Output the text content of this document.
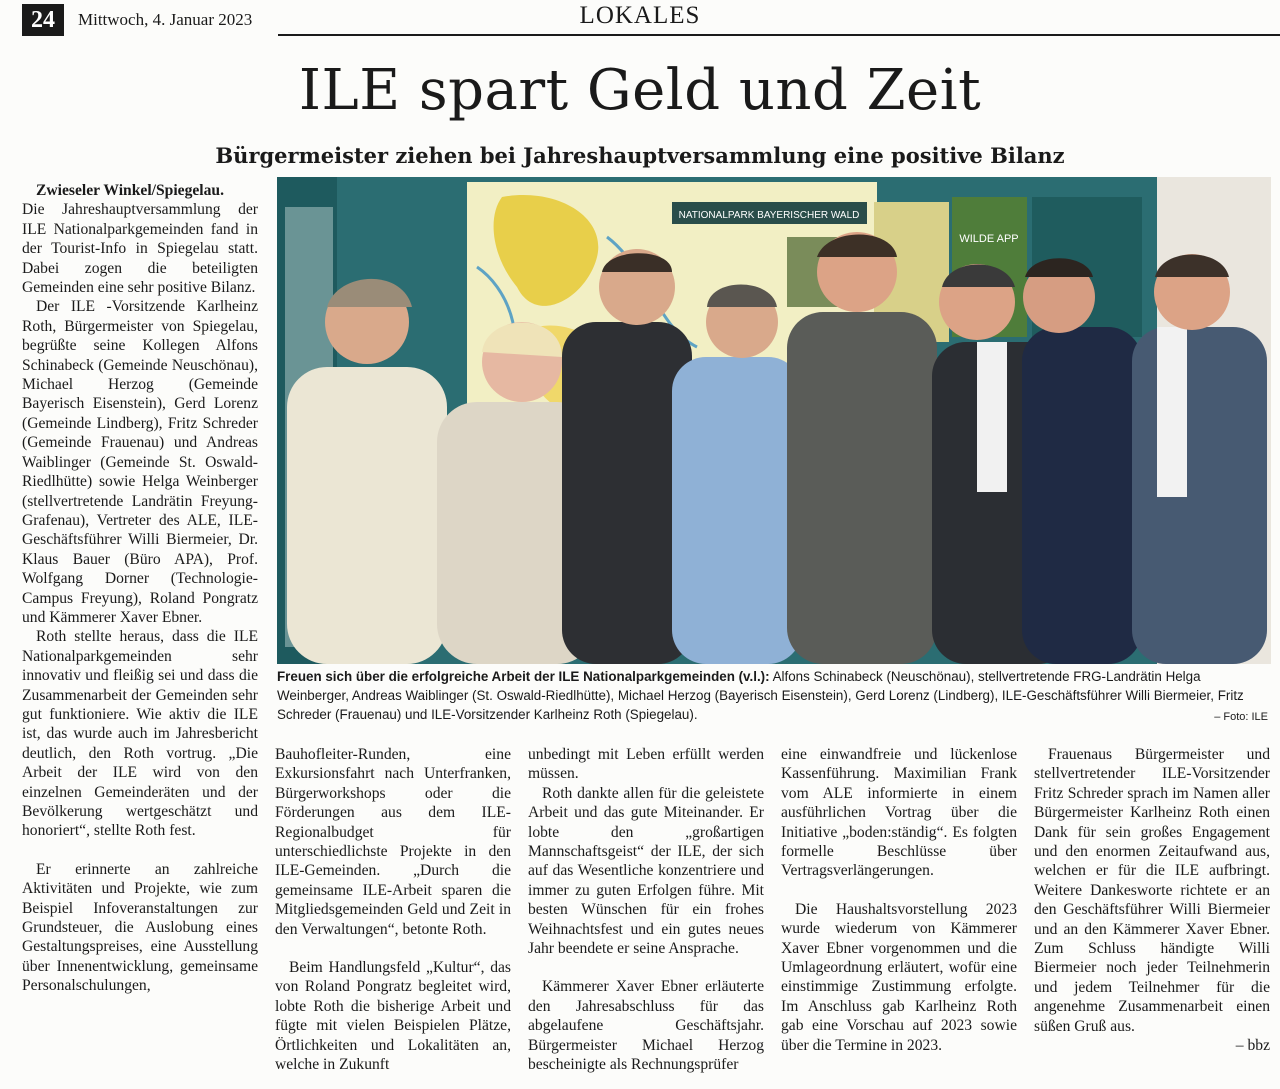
24	Mittwoch, 4. Januar 2023	LOKALES
ILE spart Geld und Zeit
Bürgermeister ziehen bei Jahreshauptversammlung eine positive Bilanz

Zwieseler Winkel/Spiegelau.
Die Jahreshauptversammlung der ILE Nationalparkgemeinden fand in der Tourist-Info in Spiegelau statt. Dabei zogen die beteiligten Gemeinden eine sehr positive Bilanz.

Der ILE -Vorsitzende Karlheinz Roth, Bürgermeister von Spiegelau, begrüßte seine Kollegen Alfons Schinabeck (Gemeinde Neuschönau), Michael Herzog (Gemeinde Bayerisch Eisenstein), Gerd Lorenz (Gemeinde Lindberg), Fritz Schreder (Gemeinde Frauenau) und Andreas Waiblinger (Gemeinde St. Oswald-Riedlhütte) sowie Helga Weinberger (stellvertretende Landrätin Freyung-Grafenau), Vertreter des ALE, ILE-Geschäftsführer Willi Biermeier, Dr. Klaus Bauer (Büro APA), Prof. Wolfgang Dorner (Technologie-Campus Freyung), Roland Pongratz und Kämmerer Xaver Ebner.

Roth stellte heraus, dass die ILE Nationalparkgemeinden sehr innovativ und fleißig sei und dass die Zusammenarbeit der Gemeinden sehr gut funktioniere. Wie aktiv die ILE ist, das wurde auch im Jahresbericht deutlich, den Roth vortrug. „Die Arbeit der ILE wird von den einzelnen Gemeinderäten und der Bevölkerung wertgeschätzt und honoriert“, stellte Roth fest.

Er erinnerte an zahlreiche Aktivitäten und Projekte, wie zum Beispiel Infoveranstaltungen zur Grundsteuer, die Auslobung eines Gestaltungspreises, eine Ausstellung über Innenentwicklung, gemeinsame Personalschulungen,

NATIONALPARK BAYERISCHER WALD
WILDE APP
Freuen sich über die erfolgreiche Arbeit der ILE Nationalparkgemeinden (v.l.): Alfons Schinabeck (Neuschönau), stellvertretende FRG-Landrätin Helga Weinberger, Andreas Waiblinger (St. Oswald-Riedlhütte), Michael Herzog (Bayerisch Eisenstein), Gerd Lorenz (Lindberg), ILE-Geschäftsführer Willi Biermeier, Fritz Schreder (Frauenau) und ILE-Vorsitzender Karlheinz Roth (Spiegelau).	– Foto: ILE

Bauhofleiter-Runden, eine Exkursionsfahrt nach Unterfranken, Bürgerworkshops oder die Förderungen aus dem ILE-Regionalbudget für unterschiedlichste Projekte in den ILE-Gemeinden. „Durch die gemeinsame ILE-Arbeit sparen die Mitgliedsgemeinden Geld und Zeit in den Verwaltungen“, betonte Roth.

Beim Handlungsfeld „Kultur“, das von Roland Pongratz begleitet wird, lobte Roth die bisherige Arbeit und fügte mit vielen Beispielen Plätze, Örtlichkeiten und Lokalitäten an, welche in Zukunft

unbedingt mit Leben erfüllt werden müssen.

Roth dankte allen für die geleistete Arbeit und das gute Miteinander. Er lobte den „großartigen Mannschaftsgeist“ der ILE, der sich auf das Wesentliche konzentriere und immer zu guten Erfolgen führe. Mit besten Wünschen für ein frohes Weihnachtsfest und ein gutes neues Jahr beendete er seine Ansprache.

Kämmerer Xaver Ebner erläuterte den Jahresabschluss für das abgelaufene Geschäftsjahr. Bürgermeister Michael Herzog bescheinigte als Rechnungsprüfer

eine einwandfreie und lückenlose Kassenführung. Maximilian Frank vom ALE informierte in einem ausführlichen Vortrag über die Initiative „boden:ständig“. Es folgten formelle Beschlüsse über Vertragsverlängerungen.

Die Haushaltsvorstellung 2023 wurde wiederum von Kämmerer Xaver Ebner vorgenommen und die Umlageordnung erläutert, wofür eine einstimmige Zustimmung erfolgte. Im Anschluss gab Karlheinz Roth gab eine Vorschau auf 2023 sowie über die Termine in 2023.

Frauenaus Bürgermeister und stellvertretender ILE-Vorsitzender Fritz Schreder sprach im Namen aller Bürgermeister Karlheinz Roth einen Dank für sein großes Engagement und den enormen Zeitaufwand aus, welchen er für die ILE aufbringt. Weitere Dankesworte richtete er an den Geschäftsführer Willi Biermeier und an den Kämmerer Xaver Ebner. Zum Schluss händigte Willi Biermeier noch jeder Teilnehmerin und jedem Teilnehmer für die angenehme Zusammenarbeit einen süßen Gruß aus.

– bbz
